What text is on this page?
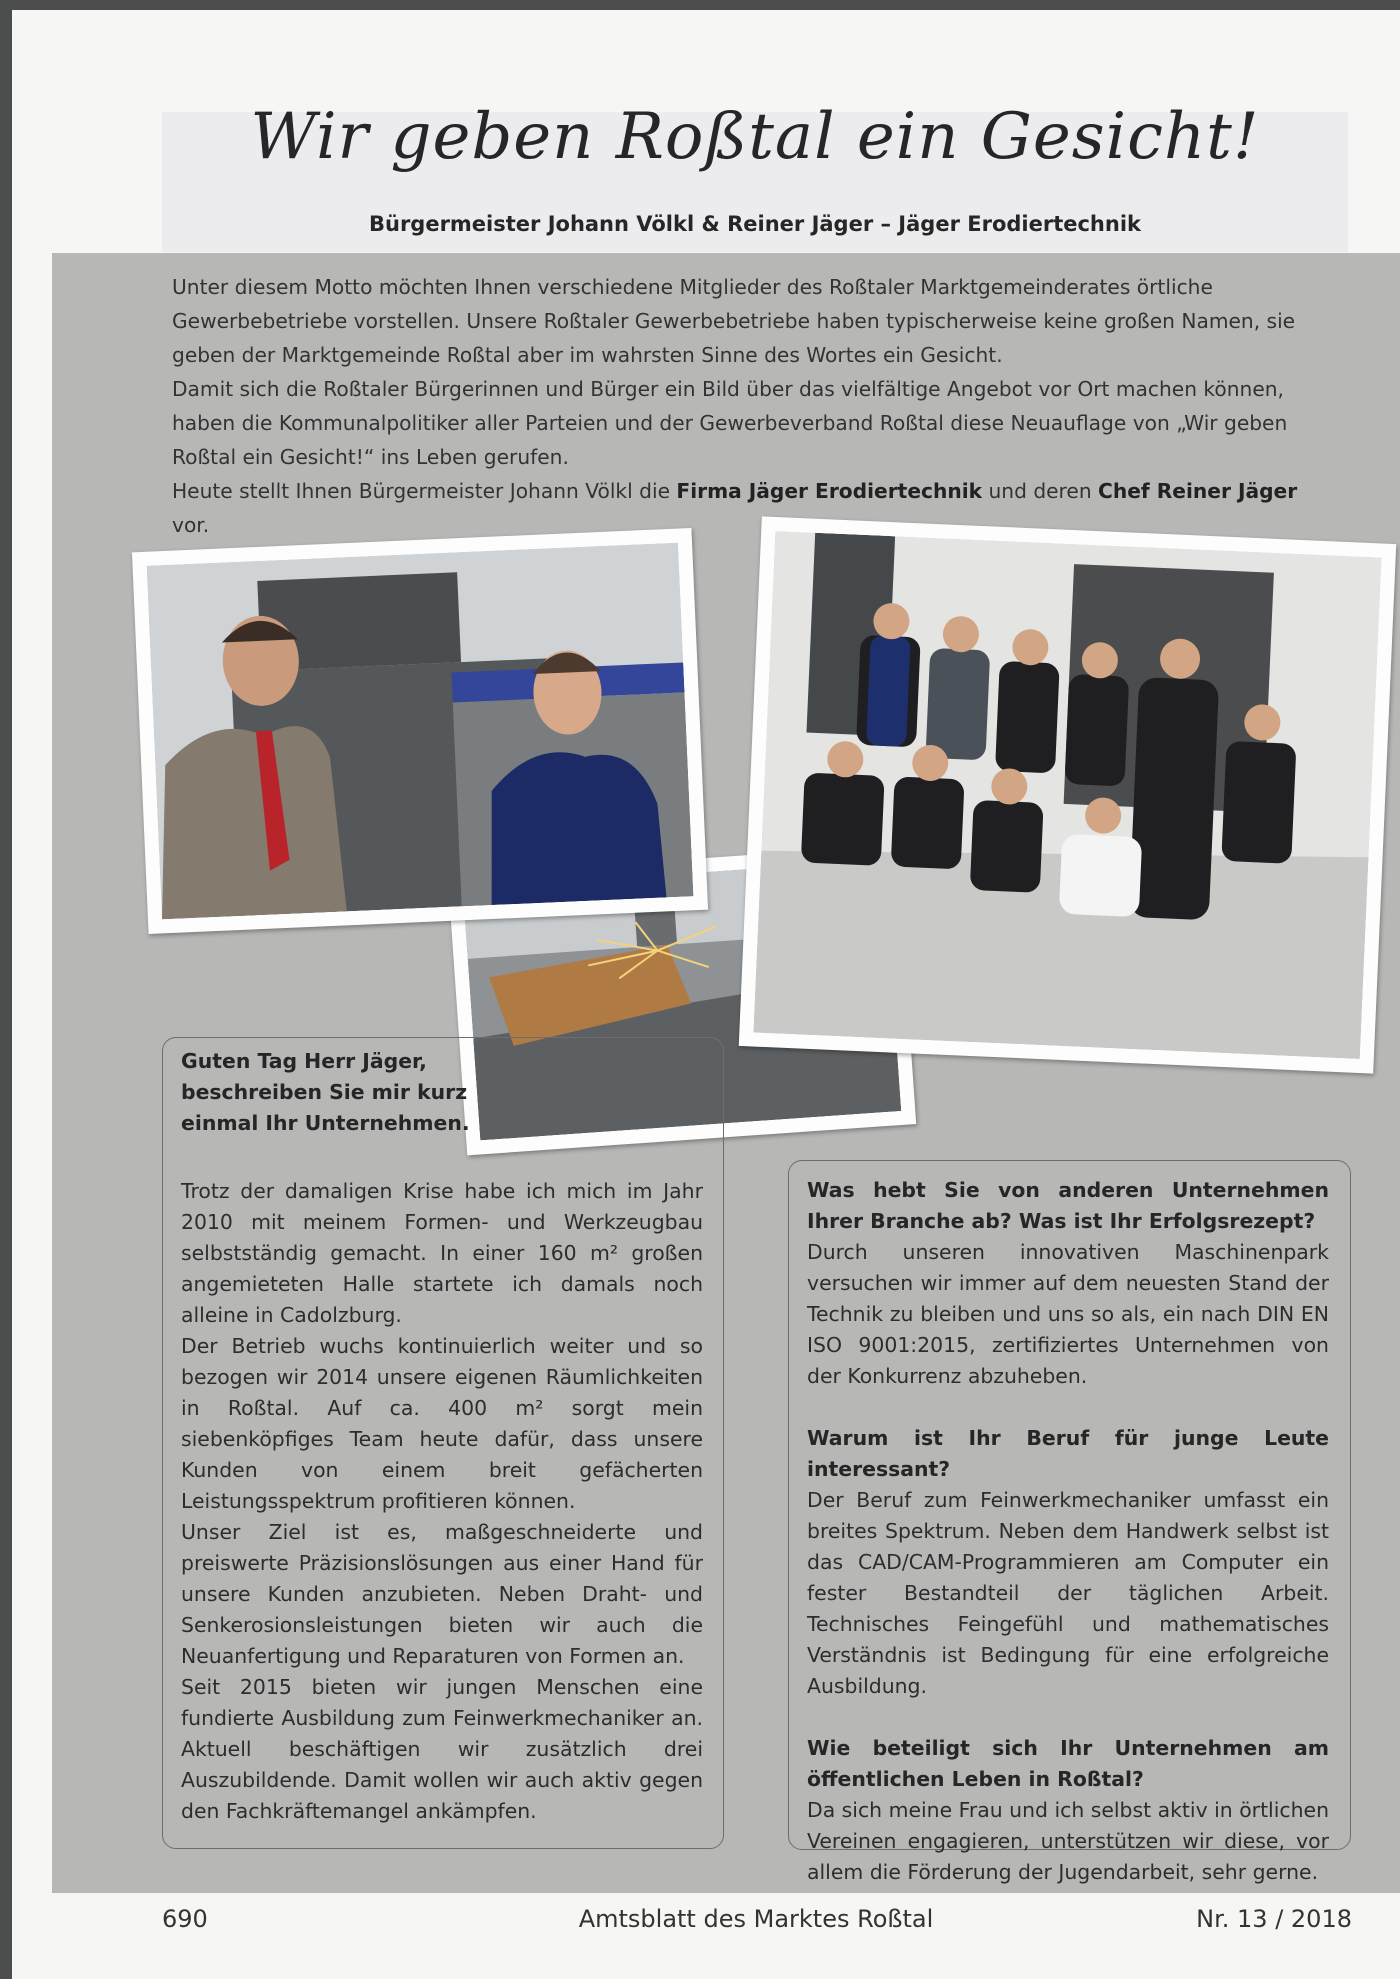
Wir geben Roßtal ein Gesicht!
Bürgermeister Johann Völkl & Reiner Jäger – Jäger Erodiertechnik

Unter diesem Motto möchten Ihnen verschiedene Mitglieder des Roßtaler Marktgemeinderates örtliche Gewerbebetriebe vorstellen. Unsere Roßtaler Gewerbebetriebe haben typischerweise keine großen Namen, sie geben der Marktgemeinde Roßtal aber im wahrsten Sinne des Wortes ein Gesicht.

Damit sich die Roßtaler Bürgerinnen und Bürger ein Bild über das vielfältige Angebot vor Ort machen können, haben die Kommunalpolitiker aller Parteien und der Gewerbeverband Roßtal diese Neuauflage von „Wir geben Roßtal ein Gesicht!“ ins Leben gerufen.

Heute stellt Ihnen Bürgermeister Johann Völkl die Firma Jäger Erodiertechnik und deren Chef Reiner Jäger vor.

Guten Tag Herr Jäger, beschreiben Sie mir kurz einmal Ihr Unternehmen.

Trotz der damaligen Krise habe ich mich im Jahr 2010 mit meinem Formen- und Werkzeugbau selbstständig gemacht. In einer 160 m² großen angemieteten Halle startete ich damals noch alleine in Cadolzburg.

Der Betrieb wuchs kontinuierlich weiter und so bezogen wir 2014 unsere eigenen Räumlichkeiten in Roßtal. Auf ca. 400 m² sorgt mein siebenköpfiges Team heute dafür, dass unsere Kunden von einem breit gefächerten Leistungsspektrum profitieren können.

Unser Ziel ist es, maßgeschneiderte und preiswerte Präzisionslösungen aus einer Hand für unsere Kunden anzubieten. Neben Draht- und Senkerosionsleistungen bieten wir auch die Neuanfertigung und Reparaturen von Formen an.

Seit 2015 bieten wir jungen Menschen eine fundierte Ausbildung zum Feinwerkmechaniker an. Aktuell beschäftigen wir zusätzlich drei Auszubildende. Damit wollen wir auch aktiv gegen den Fachkräftemangel ankämpfen.

Was hebt Sie von anderen Unternehmen Ihrer Branche ab? Was ist Ihr Erfolgsrezept?

Durch unseren innovativen Maschinenpark versuchen wir immer auf dem neuesten Stand der Technik zu bleiben und uns so als, ein nach DIN EN ISO 9001:2015, zertifiziertes Unternehmen von der Konkurrenz abzuheben.

Warum ist Ihr Beruf für junge Leute interessant?

Der Beruf zum Feinwerkmechaniker umfasst ein breites Spektrum. Neben dem Handwerk selbst ist das CAD/CAM-Programmieren am Computer ein fester Bestandteil der täglichen Arbeit. Technisches Feingefühl und mathematisches Verständnis ist Bedingung für eine erfolgreiche Ausbildung.

Wie beteiligt sich Ihr Unternehmen am öffentlichen Leben in Roßtal?

Da sich meine Frau und ich selbst aktiv in örtlichen Vereinen engagieren, unterstützen wir diese, vor allem die Förderung der Jugendarbeit, sehr gerne.

690	Amtsblatt des Marktes Roßtal	Nr. 13 / 2018
